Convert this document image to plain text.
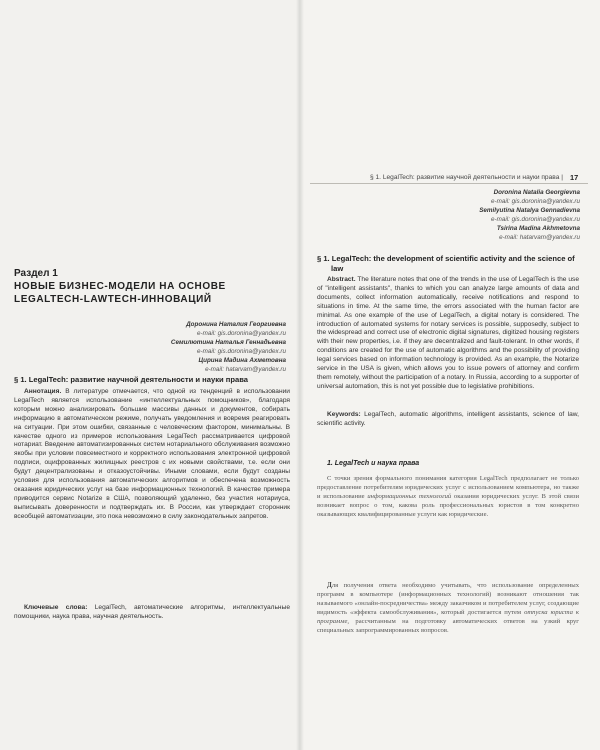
Раздел 1
НОВЫЕ БИЗНЕС-МОДЕЛИ НА ОСНОВЕ LEGALTECH-LAWTECH-ИННОВАЦИЙ
Доронина Наталия Георгиевна
e-mail: gis.doronina@yandex.ru
Семилютина Наталья Геннадьевна
e-mail: gis.doronina@yandex.ru
Цирина Мадина Ахметовна
e-mail: hatarvam@yandex.ru
§ 1. LegalTech: развитие научной деятельности и науки права

Аннотация. В литературе отмечается, что одной из тенденций в использовании LegalTech является использование «интеллектуальных помощников», благодаря которым можно анализировать большие массивы данных и документов, собирать информацию в автоматическом режиме, получать уведомления и вовремя реагировать на ситуации. При этом ошибки, связанные с человеческим фактором, минимальны. В качестве одного из примеров использования LegalTech рассматривается цифровой нотариат. Введение автоматизированных систем нотариального обслуживания возможно якобы при условии повсеместного и корректного использования электронной цифровой подписи, оцифрованных жилищных реестров с их новыми свойствами, т.е. если они будут децентрализованы и отказоустойчивы. Иными словами, если будут созданы условия для использования автоматических алгоритмов и обеспечена возможность оказания юридических услуг на базе информационных технологий. В качестве примера приводится сервис Notarize в США, позволяющий удаленно, без участия нотариуса, выписывать доверенности и подтверждать их. В России, как утверждает сторонник всеобщей автоматизации, это пока невозможно в силу законодательных запретов.

Ключевые слова: LegalTech, автоматические алгоритмы, интеллектуальные помощники, наука права, научная деятельность.

§ 1. LegalTech: развитие научной деятельности и науки права | 17
Doronina Natalia Georgievna
e-mail: gis.doronina@yandex.ru
Semilyutina Natalya Gennadievna
e-mail: gis.doronina@yandex.ru
Tsirina Madina Akhmetovna
e-mail: hatarvam@yandex.ru
§ 1. LegalTech: the development of scientific activity and the science of law

Abstract. The literature notes that one of the trends in the use of LegalTech is the use of "intelligent assistants", thanks to which you can analyze large amounts of data and documents, collect information automatically, receive notifications and respond to situations in time. At the same time, the errors associated with the human factor are minimal. As one example of the use of LegalTech, a digital notary is considered. The introduction of automated systems for notary services is possible, supposedly, subject to the widespread and correct use of electronic digital signatures, digitized housing registers with their new properties, i.e. if they are decentralized and fault-tolerant. In other words, if conditions are created for the use of automatic algorithms and the possibility of providing legal services based on information technology is provided. As an example, the Notarize service in the USA is given, which allows you to issue powers of attorney and confirm them remotely, without the participation of a notary. In Russia, according to a supporter of universal automation, this is not yet possible due to legislative prohibitions.

Keywords: LegalTech, automatic algorithms, intelligent assistants, science of law, scientific activity.

1. LegalTech и наука права

С точки зрения формального понимания категория LegalTech предполагает не только предоставление потребителям юридических услуг с использованием компьютера, но также и использование информационных технологий оказания юридических услуг. В этой связи возникает вопрос о том, какова роль профессиональных юристов в том конкретно оказывающих квалифицированные услуги как юридические.

Для получения ответа необходимо учитывать, что использование определенных программ в компьютере (информационных технологий) возникают отношения так называемого «онлайн-посредничества» между заказчиком и потребителем услуг, создающие видимость «эффекта самообслуживания», который достигается путем отпуска юриста к программе, рассчитанным на подготовку автоматических ответов на узкий круг специальных запрограммированных вопросов.
